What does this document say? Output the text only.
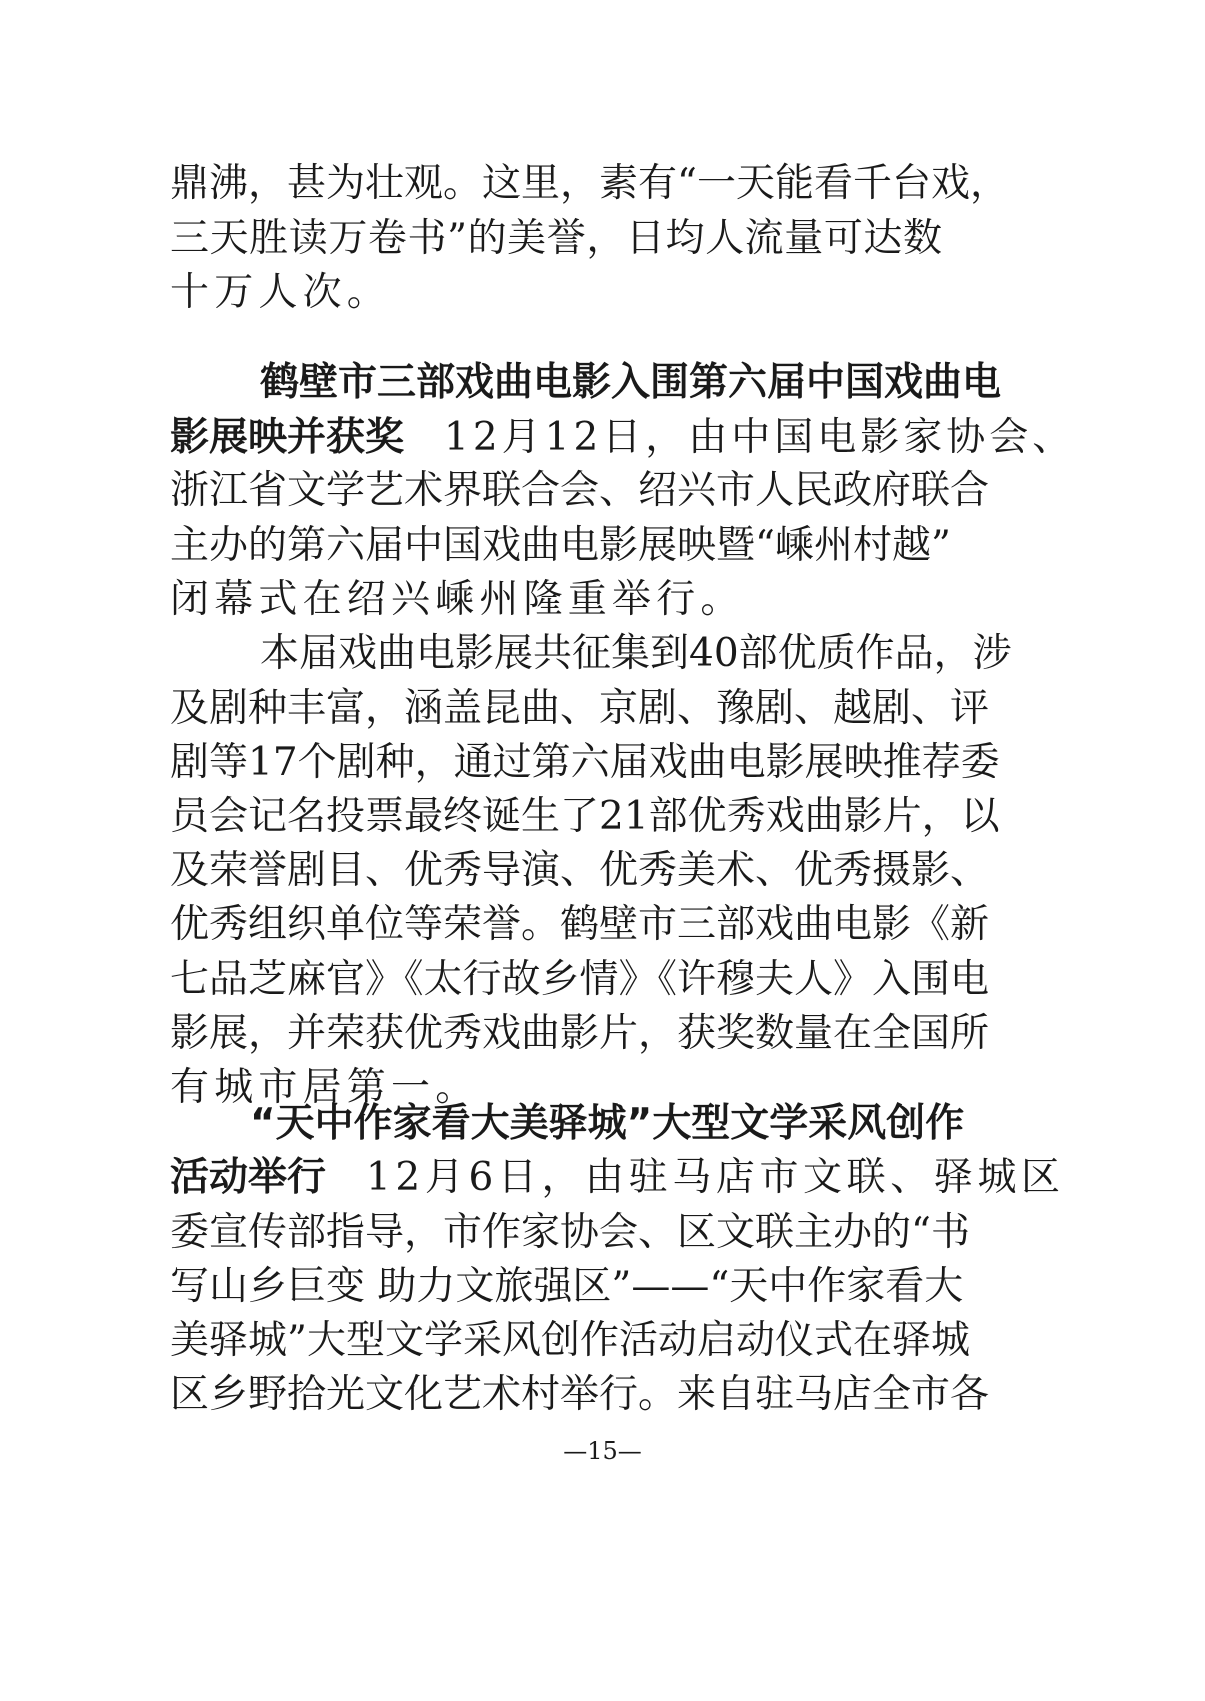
鼎沸，甚为壮观。这里，素有“一天能看千台戏，
三天胜读万卷书”的美誉，日均人流量可达数
十万人次。
鹤壁市三部戏曲电影入围第六届中国戏曲电
影展映并获奖 12月12日，由中国电影家协会、
浙江省文学艺术界联合会、绍兴市人民政府联合
主办的第六届中国戏曲电影展映暨“嵊州村越”
闭幕式在绍兴嵊州隆重举行。
本届戏曲电影展共征集到40部优质作品，涉
及剧种丰富，涵盖昆曲、京剧、豫剧、越剧、评
剧等17个剧种，通过第六届戏曲电影展映推荐委
员会记名投票最终诞生了21部优秀戏曲影片，以
及荣誉剧目、优秀导演、优秀美术、优秀摄影、
优秀组织单位等荣誉。鹤壁市三部戏曲电影《新
七品芝麻官》《太行故乡情》《许穆夫人》入围电
影展，并荣获优秀戏曲影片，获奖数量在全国所
有城市居第一。
“天中作家看大美驿城”大型文学采风创作
活动举行 12月6日，由驻马店市文联、驿城区
委宣传部指导，市作家协会、区文联主办的“书
写山乡巨变 助力文旅强区”——“天中作家看大
美驿城”大型文学采风创作活动启动仪式在驿城
区乡野拾光文化艺术村举行。来自驻马店全市各
—15—
